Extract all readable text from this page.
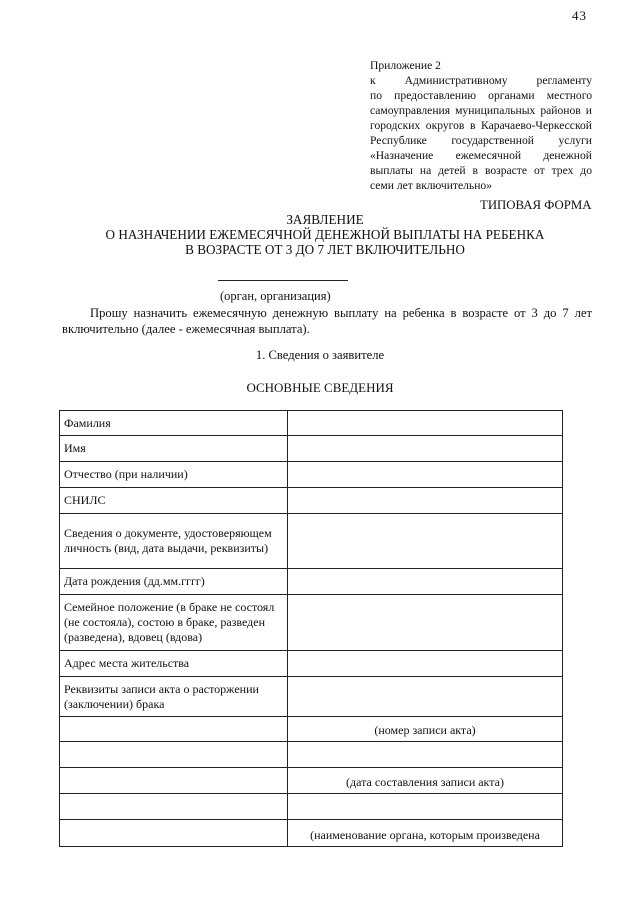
43
Приложение 2
к Административному регламенту
по предоставлению органами местного
самоуправления муниципальных районов и
городских округов в Карачаево-Черкесской
Республике государственной услуги
«Назначение ежемесячной денежной
выплаты на детей в возрасте от трех до
семи лет включительно»
ТИПОВАЯ ФОРМА
ЗАЯВЛЕНИЕ
О НАЗНАЧЕНИИ ЕЖЕМЕСЯЧНОЙ ДЕНЕЖНОЙ ВЫПЛАТЫ НА РЕБЕНКА
В ВОЗРАСТЕ ОТ 3 ДО 7 ЛЕТ ВКЛЮЧИТЕЛЬНО
(орган, организация)
Прошу назначить ежемесячную денежную выплату на ребенка в возрасте от 3 до 7 лет включительно (далее - ежемесячная выплата).
1. Сведения о заявителе
ОСНОВНЫЕ СВЕДЕНИЯ
Фамилия	
Имя	
Отчество (при наличии)	
СНИЛС	
Сведения о документе, удостоверяющем личность (вид, дата выдачи, реквизиты)	
Дата рождения (дд.мм.гггг)	
Семейное положение (в браке не состоял (не состояла), состою в браке, разведен (разведена), вдовец (вдова)	
Адрес места жительства	
Реквизиты записи акта о расторжении (заключении) брака	
	(номер записи акта)

	(дата составления записи акта)

	(наименование органа, которым произведена
